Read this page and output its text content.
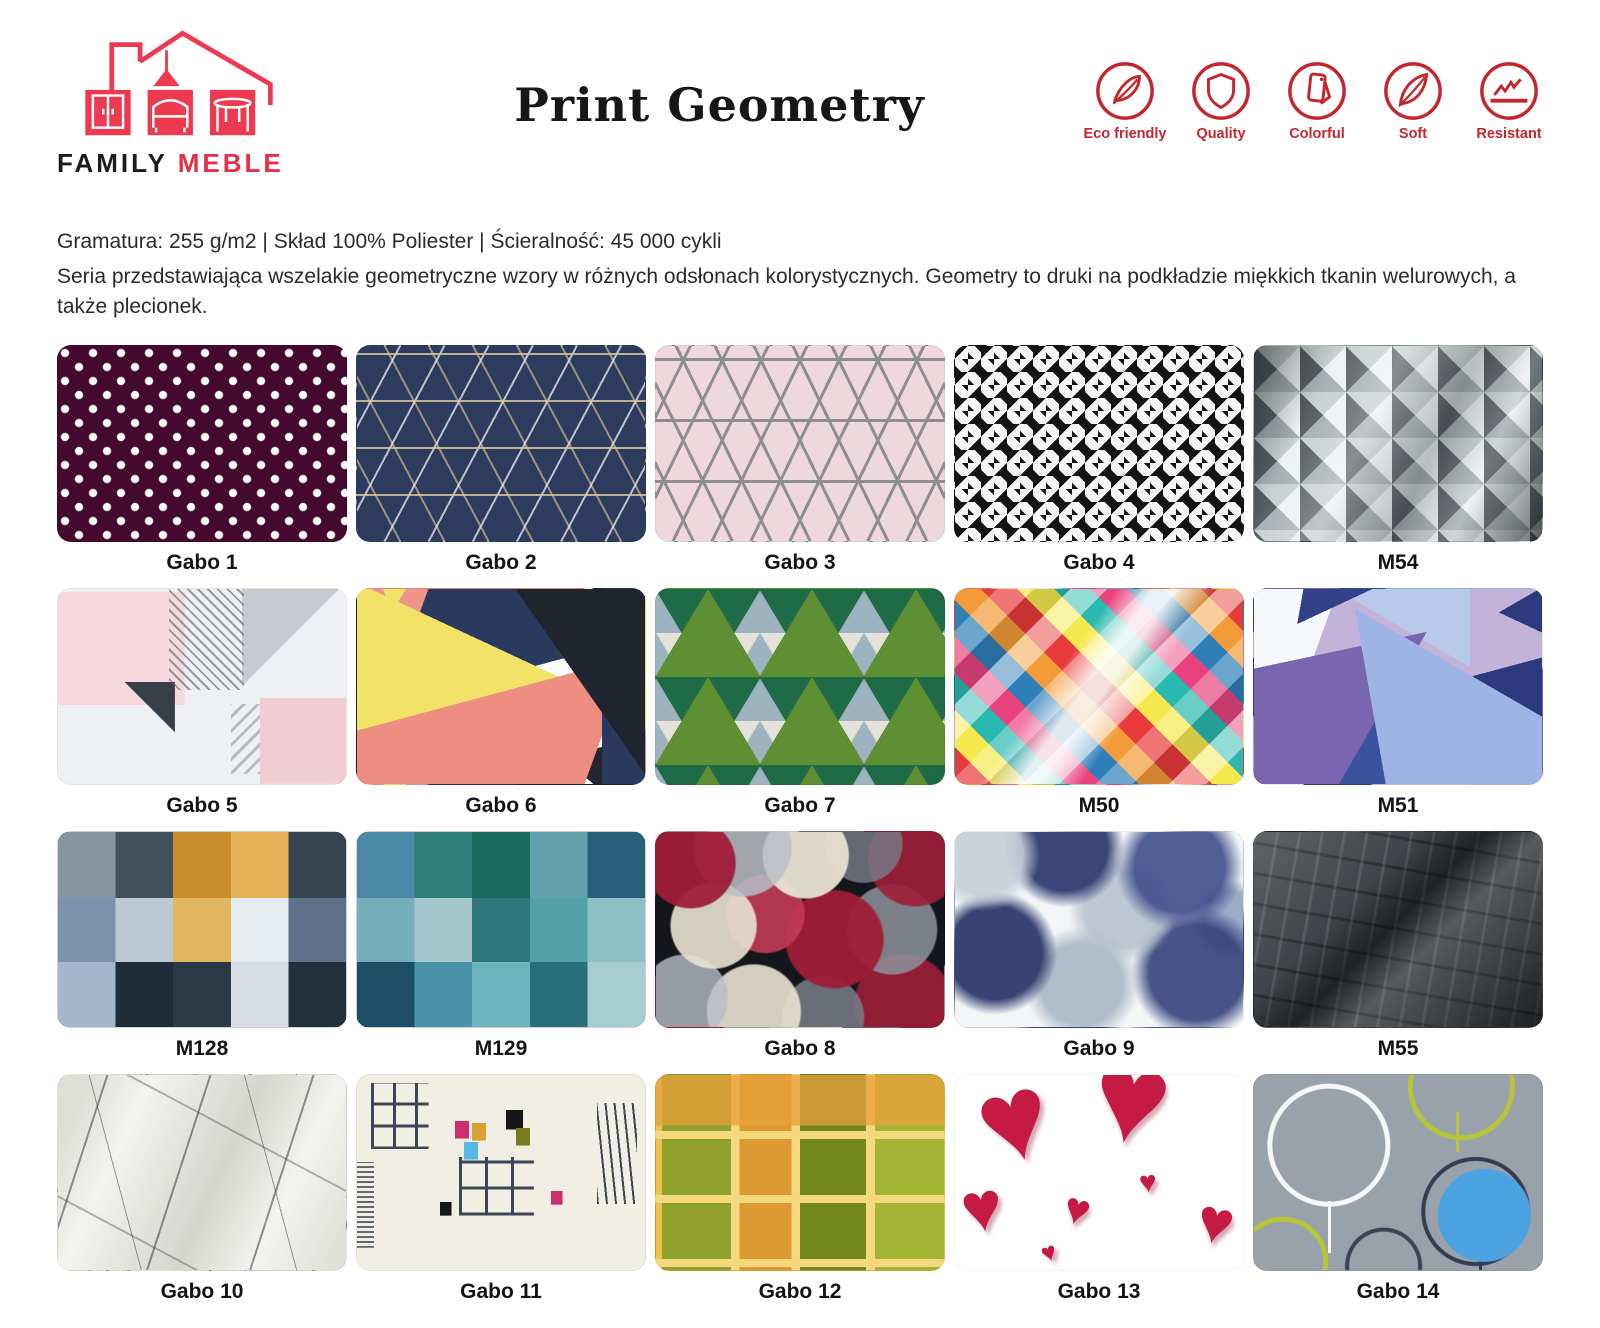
FAMILY MEBLE
Print Geometry
Eco friendly	Quality	Colorful	Soft	Resistant
Gramatura: 255 g/m2 | Skład 100% Poliester | Ścieralność: 45 000 cykli

Seria przedstawiająca wszelakie geometryczne wzory w różnych odsłonach kolorystycznych. Geometry to druki na podkładzie miękkich tkanin welurowych, a także plecionek.

Gabo 1	Gabo 2	Gabo 3	Gabo 4	M54
Gabo 5	Gabo 6	Gabo 7	M50	M51
M128	M129	Gabo 8	Gabo 9	M55
Gabo 10	Gabo 11	Gabo 12
♥
♥
♥
♥
♥
♥
♥	Gabo 13	Gabo 14
